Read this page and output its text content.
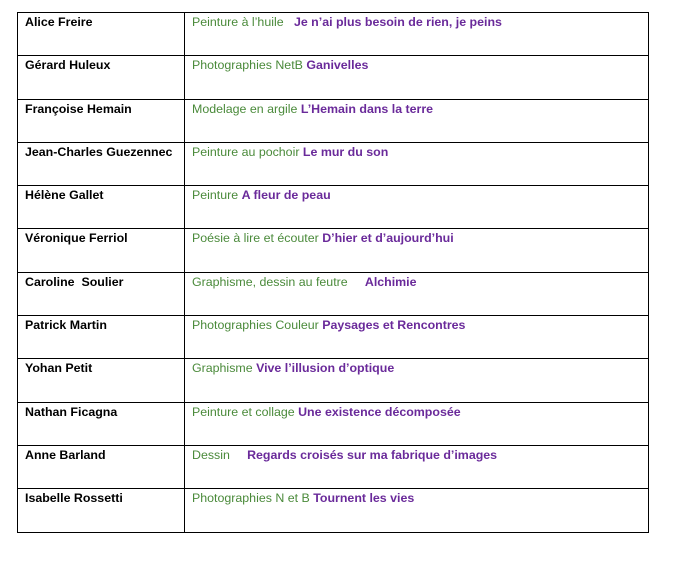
Alice Freire	Peinture à l’huile Je n’ai plus besoin de rien, je peins
Gérard Huleux	Photographies NetB Ganivelles
Françoise Hemain	Modelage en argile L’Hemain dans la terre
Jean-Charles Guezennec	Peinture au pochoir Le mur du son
Hélène Gallet	Peinture A fleur de peau
Véronique Ferriol	Poésie à lire et écouter D’hier et d’aujourd’hui
Caroline  Soulier	Graphisme, dessin au feutre Alchimie
Patrick Martin	Photographies Couleur Paysages et Rencontres
Yohan Petit	Graphisme Vive l’illusion d’optique
Nathan Ficagna	Peinture et collage Une existence décomposée
Anne Barland	Dessin Regards croisés sur ma fabrique d’images
Isabelle Rossetti	Photographies N et B Tournent les vies
